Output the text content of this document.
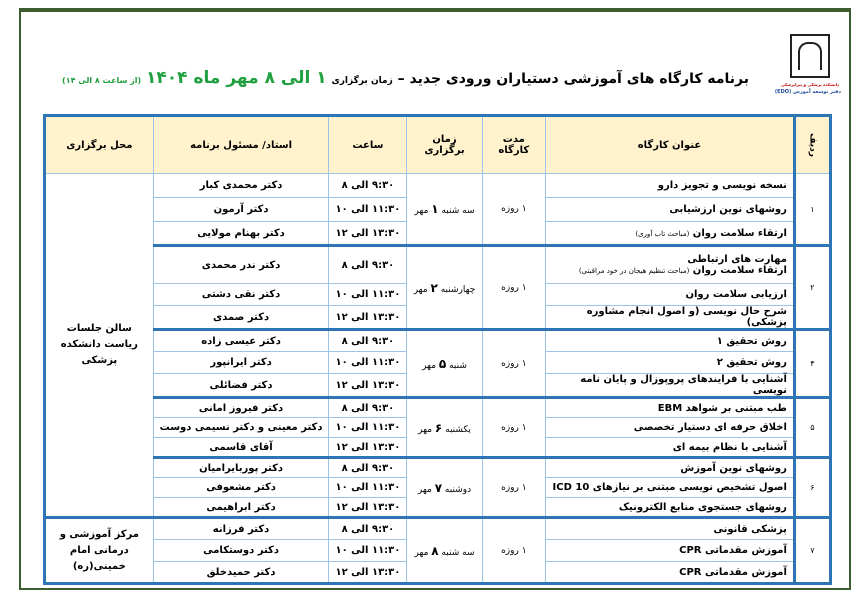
دانشکده پزشکی و پیراپزشکی
دفتر توسعه آموزش (EDO)
برنامه کارگاه های آموزشی دستیاران ورودی جدید – زمان برگزاری ۱ الی ۸ مهر ماه ۱۴۰۴ (از ساعت ۸ الی ۱۴)
ردیف	عنوان کارگاه	مدت کارگاه	زمان برگزاری	ساعت	استاد/ مسئول برنامه	محل برگزاری
۱	نسخه نویسی و تجویز دارو	۱ روزه	سه شنبه ۱ مهر	۹:۳۰ الی ۸	دکتر محمدی کبار	سالن جلسات ریاست دانشکده پزشکی
	روشهای نوین ارزشیابی			۱۱:۳۰ الی ۱۰	دکتر آرمون	
	ارتقاء سلامت روان (مباحث تاب آوری)			۱۳:۳۰ الی ۱۲	دکتر بهنام مولایی	
۲	مهارت های ارتباطی
ارتقاء سلامت روان (مباحث تنظیم هیجان در خود مراقبتی)	۱ روزه	چهارشنبه ۲ مهر	۹:۳۰ الی ۸	دکتر ندر محمدی	
	ارزیابی سلامت روان			۱۱:۳۰ الی ۱۰	دکتر نقی دشتی	
	شرح حال نویسی (و اصول انجام مشاوره پزشکی)			۱۳:۳۰ الی ۱۲	دکتر صمدی	
۴	روش تحقیق ۱	۱ روزه	شنبه ۵ مهر	۹:۳۰ الی ۸	دکتر عیسی زاده	
	روش تحقیق ۲			۱۱:۳۰ الی ۱۰	دکتر ایرانپور	
	آشنایی با فرایندهای پروپوزال و پایان نامه نویسی			۱۳:۳۰ الی ۱۲	دکتر فضائلی	
۵	طب مبتنی بر شواهد EBM	۱ روزه	یکشنبه ۶ مهر	۹:۳۰ الی ۸	دکتر فیروز امانی	
	اخلاق حرفه ای دستیار تخصصی			۱۱:۳۰ الی ۱۰	دکتر معینی و دکتر نسیمی دوست	
	آشنایی با نظام بیمه ای			۱۳:۳۰ الی ۱۲	آقای قاسمی	
۶	روشهای نوین آموزش	۱ روزه	دوشنبه ۷ مهر	۹:۳۰ الی ۸	دکتر پوربایرامیان	
	اصول تشخیص نویسی مبتنی بر نیازهای ICD 10			۱۱:۳۰ الی ۱۰	دکتر مشعوفی	
	روشهای جستجوی منابع الکترونیک			۱۳:۳۰ الی ۱۲	دکتر ابراهیمی	
۷	پزشکی قانونی	۱ روزه	سه شنبه ۸ مهر	۹:۳۰ الی ۸	دکتر فرزانه	مرکز آموزشی و درمانی امام خمینی(ره)
	آموزش مقدماتی CPR			۱۱:۳۰ الی ۱۰	دکتر دوستکامی	
	آموزش مقدماتی CPR			۱۳:۳۰ الی ۱۲	دکتر حمیدخلق	
